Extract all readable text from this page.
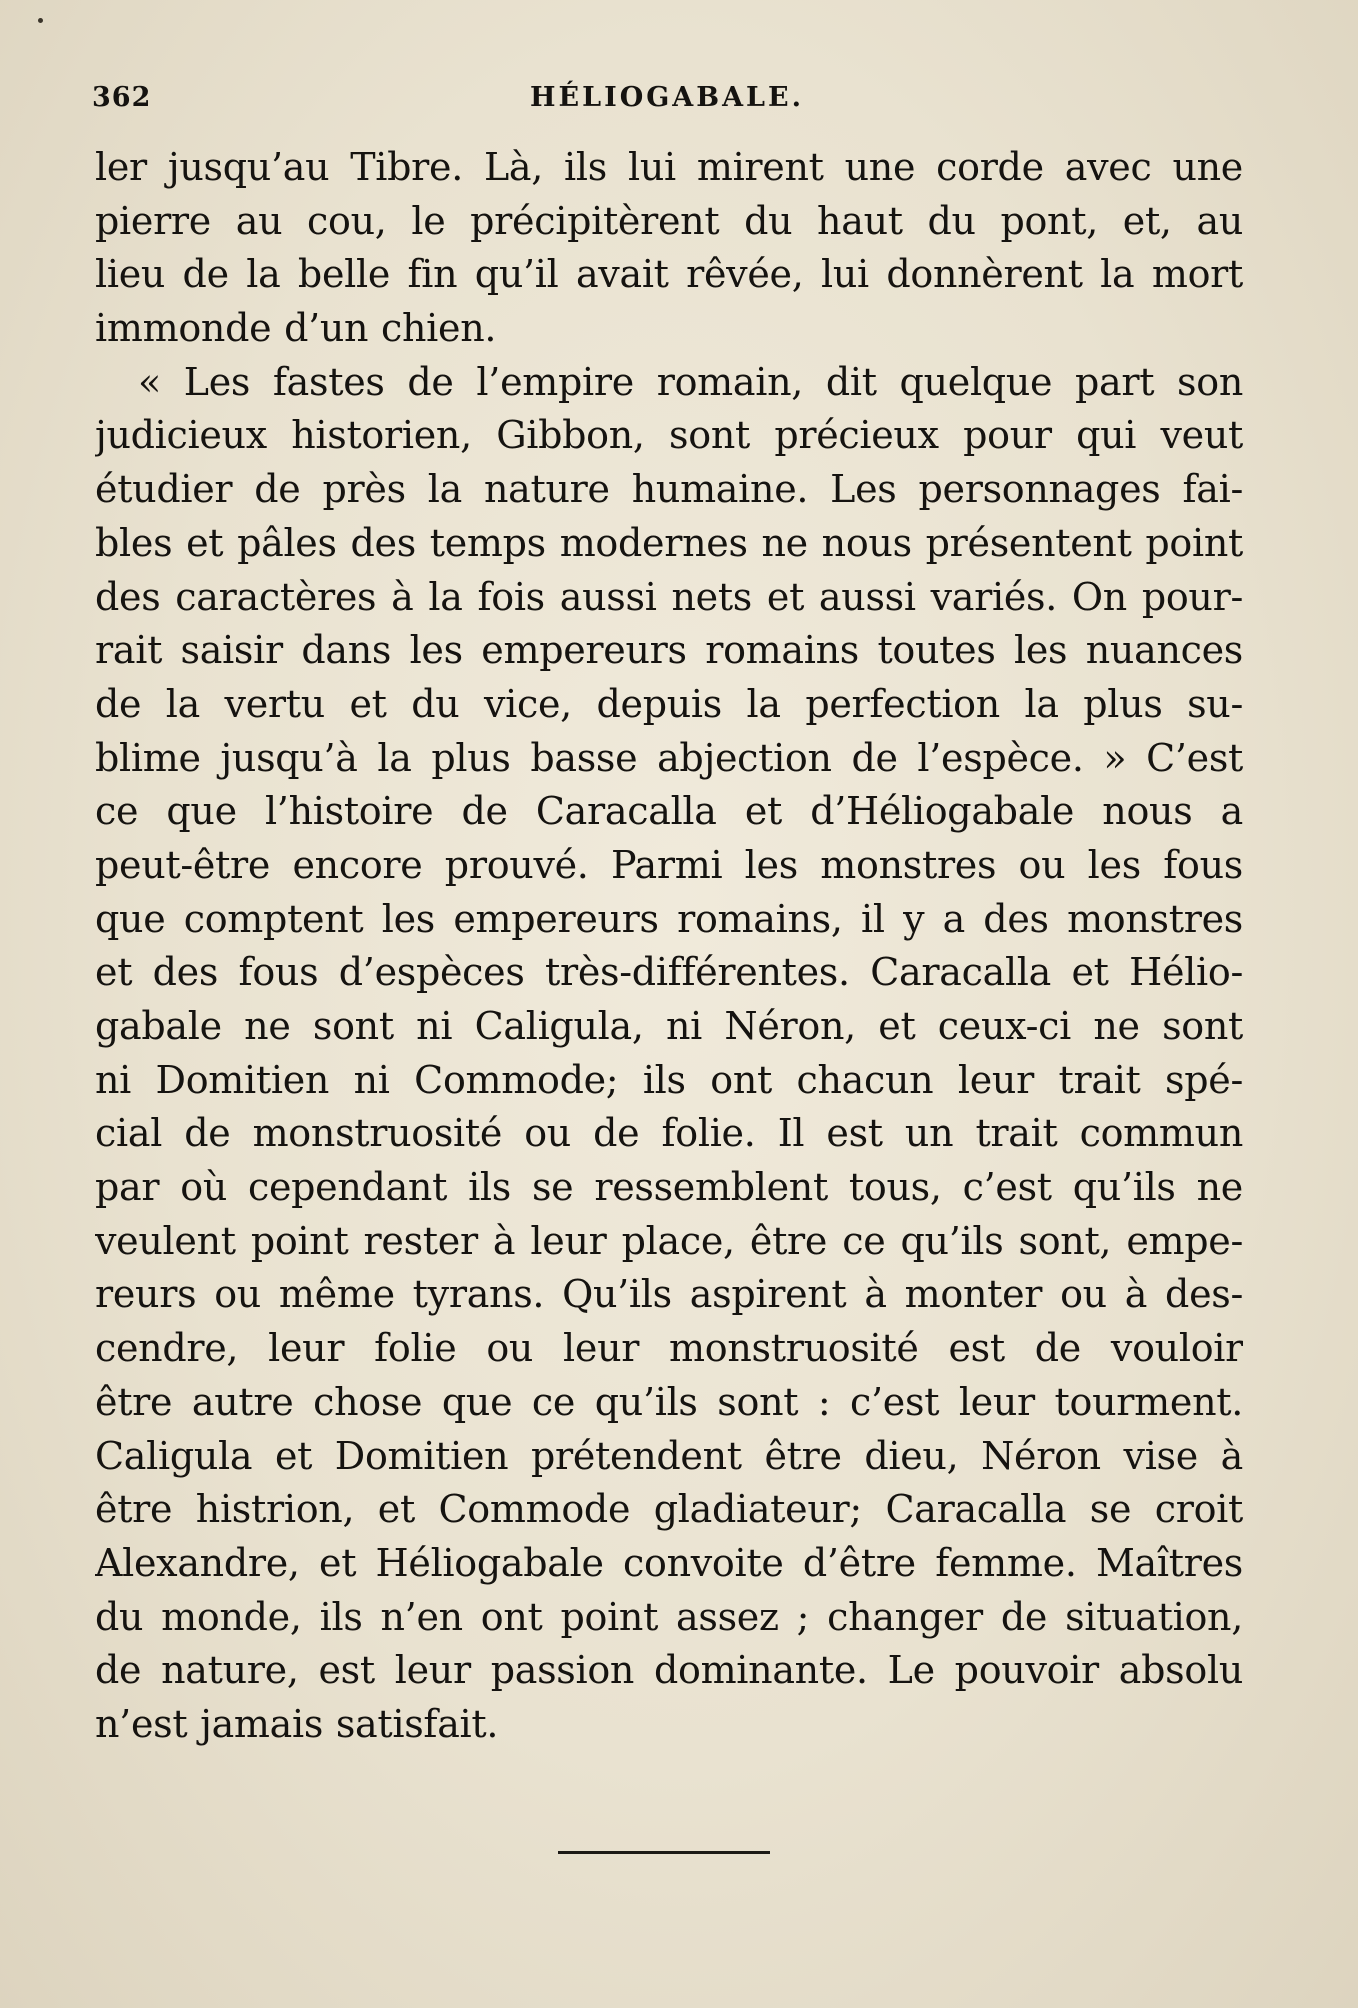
362	HÉLIOGABALE.
ler jusqu’au Tibre. Là, ils lui mirent une corde avec une
pierre au cou, le précipitèrent du haut du pont, et, au
lieu de la belle fin qu’il avait rêvée, lui donnèrent la mort
immonde d’un chien.
« Les fastes de l’empire romain, dit quelque part son
judicieux historien, Gibbon, sont précieux pour qui veut
étudier de près la nature humaine. Les personnages fai-
bles et pâles des temps modernes ne nous présentent point
des caractères à la fois aussi nets et aussi variés. On pour-
rait saisir dans les empereurs romains toutes les nuances
de la vertu et du vice, depuis la perfection la plus su-
blime jusqu’à la plus basse abjection de l’espèce. » C’est
ce que l’histoire de Caracalla et d’Héliogabale nous a
peut-être encore prouvé. Parmi les monstres ou les fous
que comptent les empereurs romains, il y a des monstres
et des fous d’espèces très-différentes. Caracalla et Hélio-
gabale ne sont ni Caligula, ni Néron, et ceux-ci ne sont
ni Domitien ni Commode; ils ont chacun leur trait spé-
cial de monstruosité ou de folie. Il est un trait commun
par où cependant ils se ressemblent tous, c’est qu’ils ne
veulent point rester à leur place, être ce qu’ils sont, empe-
reurs ou même tyrans. Qu’ils aspirent à monter ou à des-
cendre, leur folie ou leur monstruosité est de vouloir
être autre chose que ce qu’ils sont : c’est leur tourment.
Caligula et Domitien prétendent être dieu, Néron vise à
être histrion, et Commode gladiateur; Caracalla se croit
Alexandre, et Héliogabale convoite d’être femme. Maîtres
du monde, ils n’en ont point assez ; changer de situation,
de nature, est leur passion dominante. Le pouvoir absolu
n’est jamais satisfait.
